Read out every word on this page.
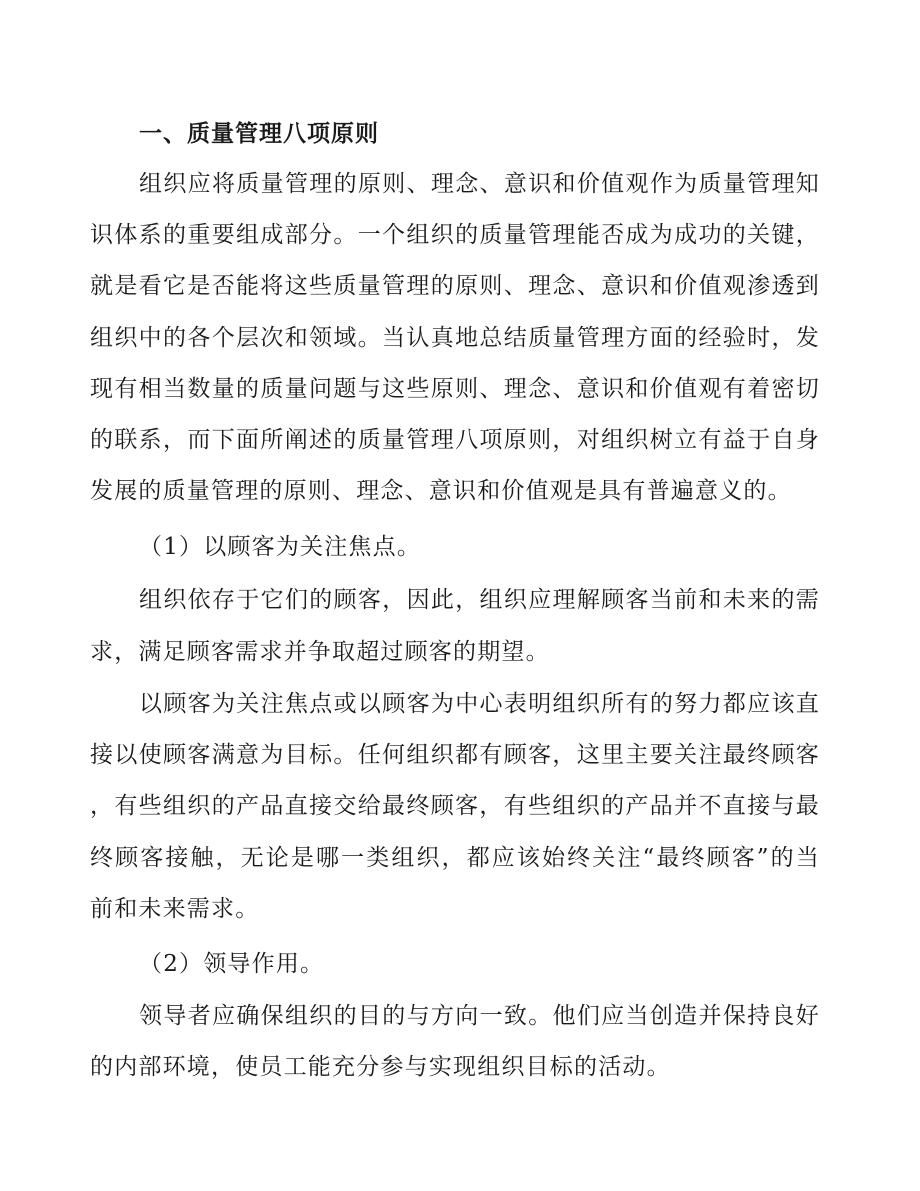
一、质量管理八项原则
组织应将质量管理的原则、理念、意识和价值观作为质量管理知
识体系的重要组成部分。一个组织的质量管理能否成为成功的关键，
就是看它是否能将这些质量管理的原则、理念、意识和价值观渗透到
组织中的各个层次和领域。当认真地总结质量管理方面的经验时，发
现有相当数量的质量问题与这些原则、理念、意识和价值观有着密切
的联系，而下面所阐述的质量管理八项原则，对组织树立有益于自身
发展的质量管理的原则、理念、意识和价值观是具有普遍意义的。
（1）以顾客为关注焦点。
组织依存于它们的顾客，因此，组织应理解顾客当前和未来的需
求，满足顾客需求并争取超过顾客的期望。
以顾客为关注焦点或以顾客为中心表明组织所有的努力都应该直
接以使顾客满意为目标。任何组织都有顾客，这里主要关注最终顾客
，有些组织的产品直接交给最终顾客，有些组织的产品并不直接与最
终顾客接触，无论是哪一类组织，都应该始终关注“最终顾客”的当
前和未来需求。
（2）领导作用。
领导者应确保组织的目的与方向一致。他们应当创造并保持良好
的内部环境，使员工能充分参与实现组织目标的活动。
